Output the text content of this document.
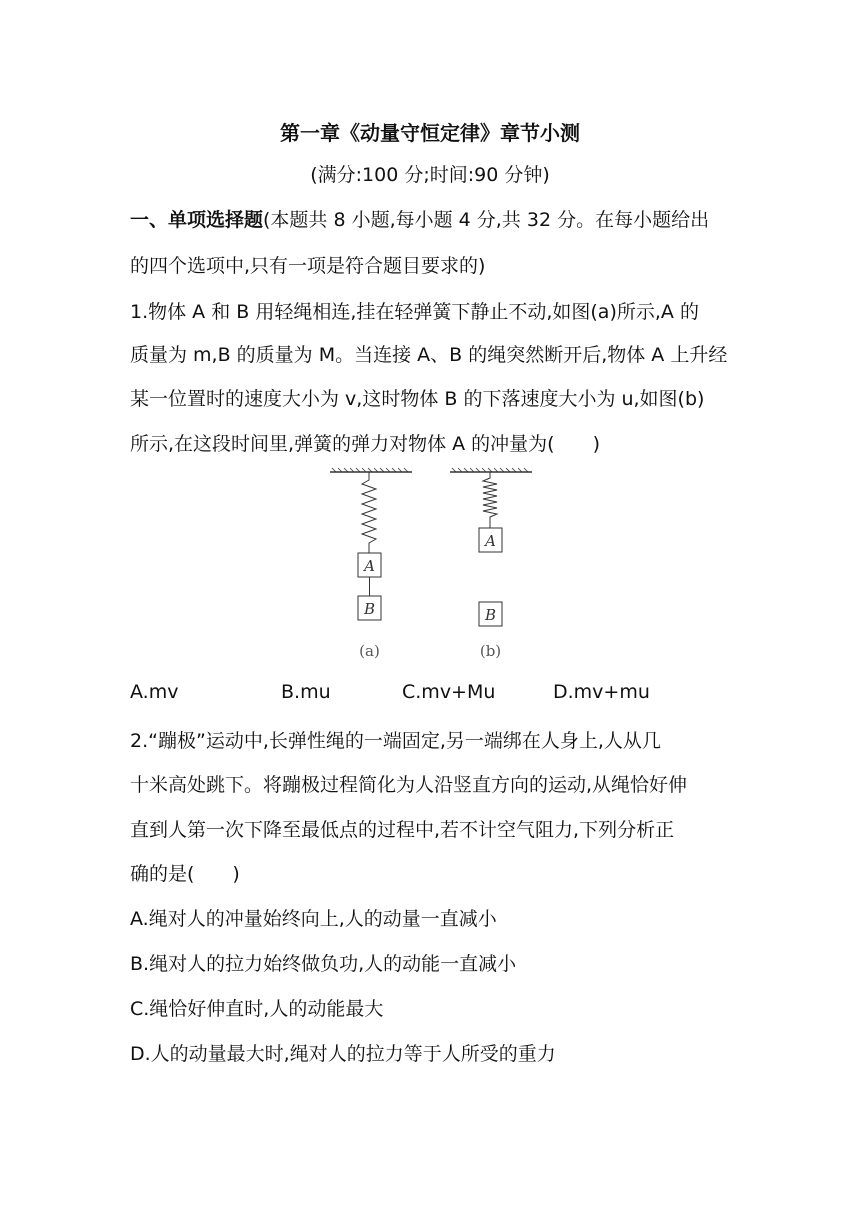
第一章《动量守恒定律》章节小测
(满分:100 分;时间:90 分钟)
一、单项选择题(本题共 8 小题,每小题 4 分,共 32 分。在每小题给出
的四个选项中,只有一项是符合题目要求的)
1.物体 A 和 B 用轻绳相连,挂在轻弹簧下静止不动,如图(a)所示,A 的
质量为 m,B 的质量为 M。当连接 A、B 的绳突然断开后,物体 A 上升经
某一位置时的速度大小为 v,这时物体 B 的下落速度大小为 u,如图(b)
所示,在这段时间里,弹簧的弹力对物体 A 的冲量为(　　)
A
B
(a)
A
B
(b)
A.mv	B.mu	C.mv+Mu	D.mv+mu
2.“蹦极”运动中,长弹性绳的一端固定,另一端绑在人身上,人从几
十米高处跳下。将蹦极过程简化为人沿竖直方向的运动,从绳恰好伸
直到人第一次下降至最低点的过程中,若不计空气阻力,下列分析正
确的是(　　)
A.绳对人的冲量始终向上,人的动量一直减小
B.绳对人的拉力始终做负功,人的动能一直减小
C.绳恰好伸直时,人的动能最大
D.人的动量最大时,绳对人的拉力等于人所受的重力
